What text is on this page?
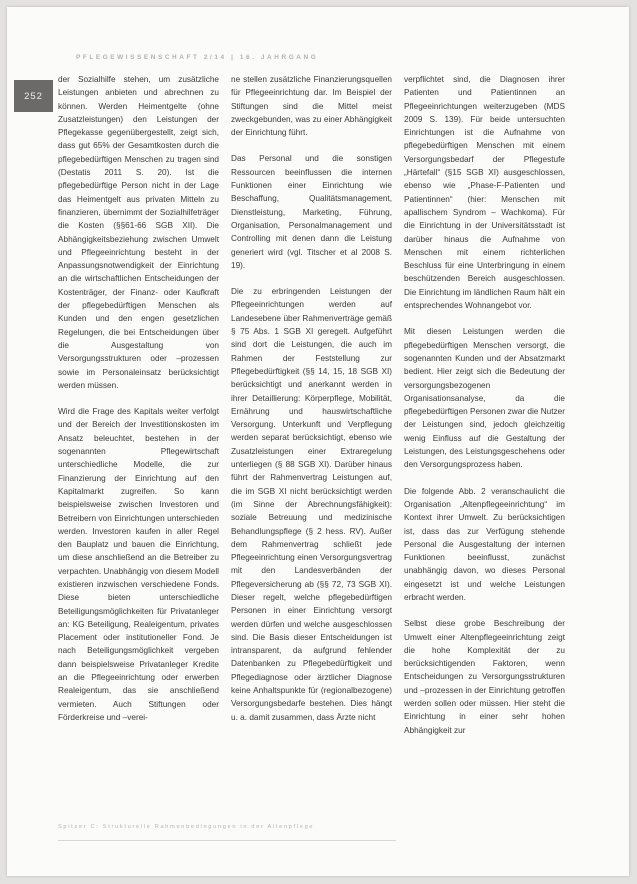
PFLEGEWISSENSCHAFT 2/14 | 16. JAHRGANG
252

der Sozialhilfe stehen, um zusätzliche Leistungen anbieten und abrechnen zu können. Werden Heimentgelte (ohne Zusatzleistungen) den Leistungen der Pflegekasse gegenübergestellt, zeigt sich, dass gut 65% der Gesamtkosten durch die pflegebedürftigen Menschen zu tragen sind (Destatis 2011 S. 20). Ist die pflegebedürftige Person nicht in der Lage das Heimentgelt aus privaten Mitteln zu finanzieren, übernimmt der Sozialhilfeträger die Kosten (§§61-66 SGB XII). Die Abhängigkeitsbeziehung zwischen Umwelt und Pflegeeinrichtung besteht in der Anpassungsnotwendigkeit der Einrichtung an die wirtschaftlichen Entscheidungen der Kostenträger, der Finanz- oder Kaufkraft der pflegebedürftigen Menschen als Kunden und den engen gesetzlichen Regelungen, die bei Entscheidungen über die Ausgestaltung von Versorgungsstrukturen oder –prozessen sowie im Personaleinsatz berücksichtigt werden müssen.

Wird die Frage des Kapitals weiter verfolgt und der Bereich der Investitionskosten im Ansatz beleuchtet, bestehen in der sogenannten Pflegewirtschaft unterschiedliche Modelle, die zur Finanzierung der Einrichtung auf den Kapitalmarkt zugreifen. So kann beispielsweise zwischen Investoren und Betreibern von Einrichtungen unterschieden werden. Investoren kaufen in aller Regel den Bauplatz und bauen die Einrichtung, um diese anschließend an die Betreiber zu verpachten. Unabhängig von diesem Modell existieren inzwischen verschiedene Fonds. Diese bieten unterschiedliche Beteiligungsmöglichkeiten für Privatanleger an: KG Beteiligung, Realeigentum, privates Placement oder institutioneller Fond. Je nach Beteiligungsmöglichkeit vergeben dann beispielsweise Privatanleger Kredite an die Pflegeeinrichtung oder erwerben Realeigentum, das sie anschließend vermieten. Auch Stiftungen oder Förderkreise und –verei-

ne stellen zusätzliche Finanzierungsquellen für Pflegeeinrichtung dar. Im Beispiel der Stiftungen sind die Mittel meist zweckgebunden, was zu einer Abhängigkeit der Einrichtung führt.

Das Personal und die sonstigen Ressourcen beeinflussen die internen Funktionen einer Einrichtung wie Beschaffung, Qualitätsmanagement, Dienstleistung, Marketing, Führung, Organisation, Personalmanagement und Controlling mit denen dann die Leistung generiert wird (vgl. Titscher et al 2008 S. 19).

Die zu erbringenden Leistungen der Pflegeeinrichtungen werden auf Landesebene über Rahmenverträge gemäß § 75 Abs. 1 SGB XI geregelt. Aufgeführt sind dort die Leistungen, die auch im Rahmen der Feststellung zur Pflegebedürftigkeit (§§ 14, 15, 18 SGB XI) berücksichtigt und anerkannt werden in ihrer Detaillierung: Körperpflege, Mobilität, Ernährung und hauswirtschaftliche Versorgung. Unterkunft und Verpflegung werden separat berücksichtigt, ebenso wie Zusatzleistungen einer Extraregelung unterliegen (§ 88 SGB XI). Darüber hinaus führt der Rahmenvertrag Leistungen auf, die im SGB XI nicht berücksichtigt werden (im Sinne der Abrechnungsfähigkeit): soziale Betreuung und medizinische Behandlungspflege (§ 2 hess. RV). Außer dem Rahmenvertrag schließt jede Pflegeeinrichtung einen Versorgungsvertrag mit den Landesverbänden der Pflegeversicherung ab (§§ 72, 73 SGB XI). Dieser regelt, welche pflegebedürftigen Personen in einer Einrichtung versorgt werden dürfen und welche ausgeschlossen sind. Die Basis dieser Entscheidungen ist intransparent, da aufgrund fehlender Datenbanken zu Pflegebedürftigkeit und Pflegediagnose oder ärztlicher Diagnose keine Anhaltspunkte für (regionalbezogene) Versorgungsbedarfe bestehen. Dies hängt u. a. damit zusammen, dass Ärzte nicht

verpflichtet sind, die Diagnosen ihrer Patienten und Patientinnen an Pflegeeinrichtungen weiterzugeben (MDS 2009 S. 139). Für beide untersuchten Einrichtungen ist die Aufnahme von pflegebedürftigen Menschen mit einem Versorgungsbedarf der Pflegestufe „Härtefall“ (§15 SGB XI) ausgeschlossen, ebenso wie „Phase-F-Patienten und Patientinnen“ (hier: Menschen mit apallischem Syndrom – Wachkoma). Für die Einrichtung in der Universitätsstadt ist darüber hinaus die Aufnahme von Menschen mit einem richterlichen Beschluss für eine Unterbringung in einem beschützenden Bereich ausgeschlossen. Die Einrichtung im ländlichen Raum hält ein entsprechendes Wohnangebot vor.

Mit diesen Leistungen werden die pflegebedürftigen Menschen versorgt, die sogenannten Kunden und der Absatzmarkt bedient. Hier zeigt sich die Bedeutung der versorgungsbezogenen Organisationsanalyse, da die pflegebedürftigen Personen zwar die Nutzer der Leistungen sind, jedoch gleichzeitig wenig Einfluss auf die Gestaltung der Leistungen, des Leistungsgeschehens oder den Versorgungsprozess haben.

Die folgende Abb. 2 veranschaulicht die Organisation „Altenpflegeeinrichtung“ im Kontext ihrer Umwelt. Zu berücksichtigen ist, dass das zur Verfügung stehende Personal die Ausgestaltung der internen Funktionen beeinflusst, zunächst unabhängig davon, wo dieses Personal eingesetzt ist und welche Leistungen erbracht werden.

Selbst diese grobe Beschreibung der Umwelt einer Altenpflegeeinrichtung zeigt die hohe Komplexität der zu berücksichtigenden Faktoren, wenn Entscheidungen zu Versorgungsstrukturen und –prozessen in der Einrichtung getroffen werden sollen oder müssen. Hier steht die Einrichtung in einer sehr hohen Abhängigkeit zur

Spitzer C: Strukturelle Rahmenbedingungen in der Altenpflege
